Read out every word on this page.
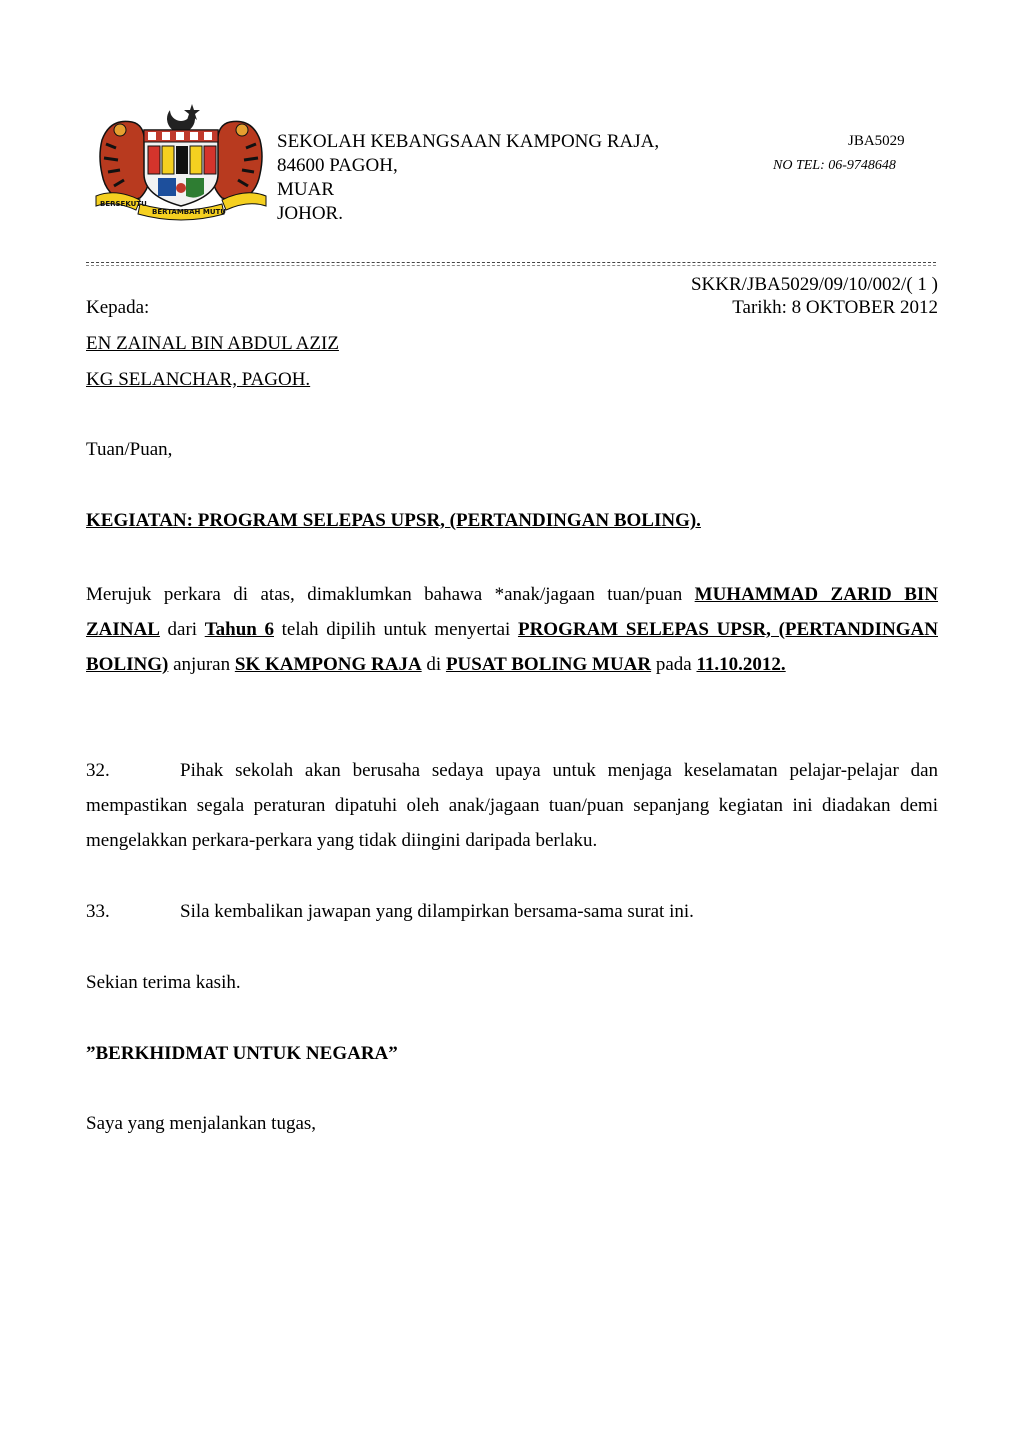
BERSEKUTU
BERTAMBAH MUTU
SEKOLAH KEBANGSAAN KAMPONG RAJA,
84600 PAGOH,
MUAR
JOHOR.
JBA5029
NO TEL: 06-9748648
SKKR/JBA5029/09/10/002/( 1 )
Kepada:	Tarikh: 8 OKTOBER 2012
EN ZAINAL BIN ABDUL AZIZ
KG SELANCHAR, PAGOH.
Tuan/Puan,
KEGIATAN: PROGRAM SELEPAS UPSR, (PERTANDINGAN BOLING).
Merujuk perkara di atas, dimaklumkan bahawa *anak/jagaan tuan/puan MUHAMMAD ZARID BIN ZAINAL dari Tahun 6 telah dipilih untuk menyertai PROGRAM SELEPAS UPSR, (PERTANDINGAN BOLING) anjuran SK KAMPONG RAJA di PUSAT BOLING MUAR pada 11.10.2012.
32.	Pihak sekolah akan berusaha sedaya upaya untuk menjaga keselamatan pelajar-pelajar dan mempastikan segala peraturan dipatuhi oleh anak/jagaan tuan/puan sepanjang kegiatan ini diadakan demi mengelakkan perkara-perkara yang tidak diingini daripada berlaku.
33.	Sila kembalikan jawapan yang dilampirkan bersama-sama surat ini.
Sekian terima kasih.
”BERKHIDMAT UNTUK NEGARA”
Saya yang menjalankan tugas,
